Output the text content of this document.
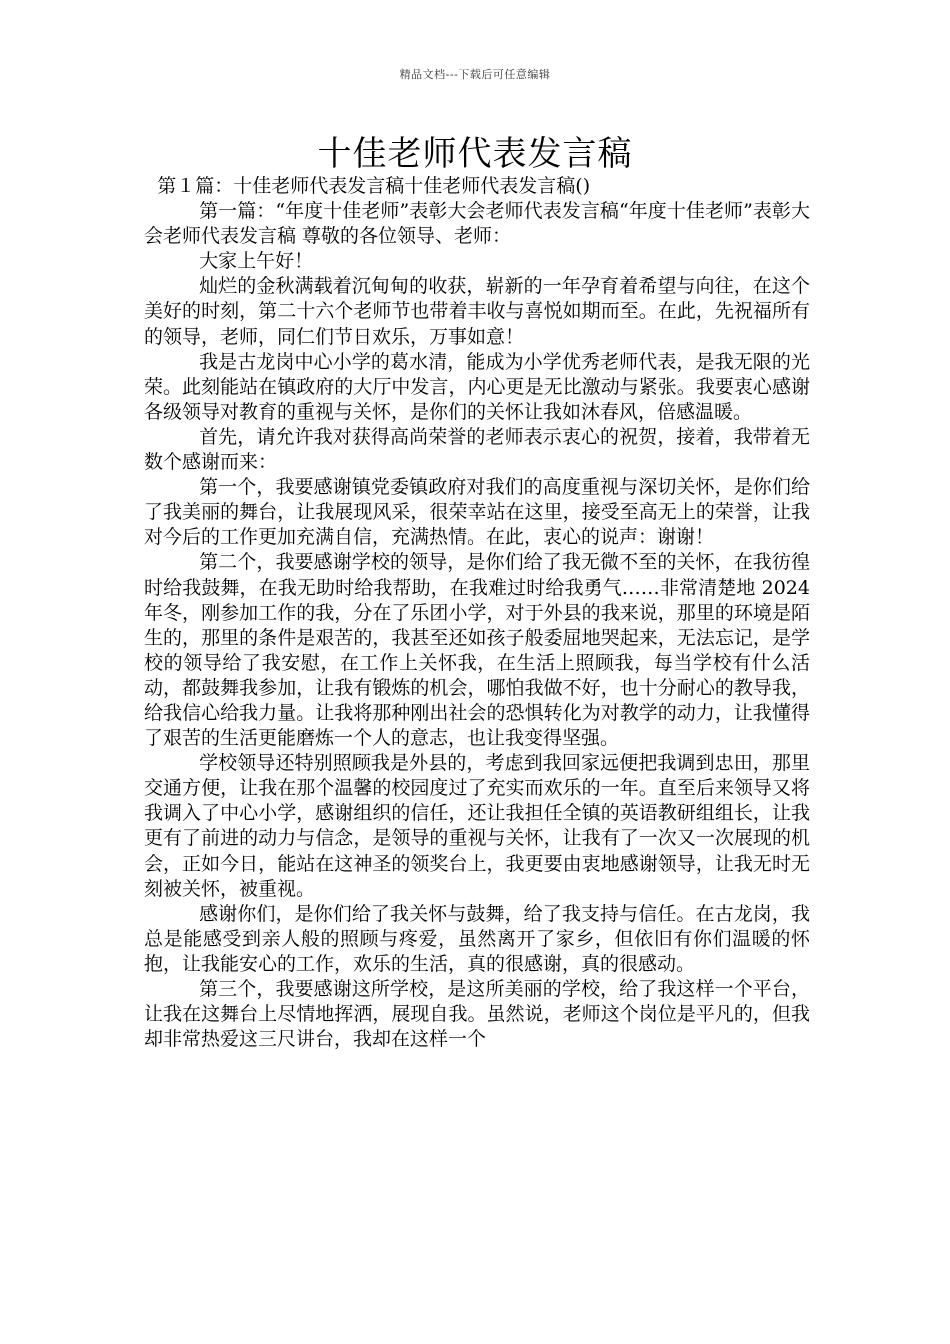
精品文档---下载后可任意编辑
十佳老师代表发言稿

第１篇：十佳老师代表发言稿十佳老师代表发言稿()

第一篇：“年度十佳老师”表彰大会老师代表发言稿“年度十佳老师”表彰大会老师代表发言稿 尊敬的各位领导、老师：

大家上午好！

灿烂的金秋满载着沉甸甸的收获，崭新的一年孕育着希望与向往，在这个美好的时刻，第二十六个老师节也带着丰收与喜悦如期而至。在此，先祝福所有的领导，老师，同仁们节日欢乐，万事如意！

我是古龙岗中心小学的葛水清，能成为小学优秀老师代表，是我无限的光荣。此刻能站在镇政府的大厅中发言，内心更是无比激动与紧张。我要衷心感谢各级领导对教育的重视与关怀，是你们的关怀让我如沐春风，倍感温暖。

首先，请允许我对获得高尚荣誉的老师表示衷心的祝贺，接着，我带着无数个感谢而来：

第一个，我要感谢镇党委镇政府对我们的高度重视与深切关怀，是你们给了我美丽的舞台，让我展现风采，很荣幸站在这里，接受至高无上的荣誉，让我对今后的工作更加充满自信，充满热情。在此，衷心的说声：谢谢！

第二个，我要感谢学校的领导，是你们给了我无微不至的关怀，在我彷徨时给我鼓舞，在我无助时给我帮助，在我难过时给我勇气……非常清楚地 2024 年冬，刚参加工作的我，分在了乐团小学，对于外县的我来说，那里的环境是陌生的，那里的条件是艰苦的，我甚至还如孩子般委屈地哭起来，无法忘记，是学校的领导给了我安慰，在工作上关怀我，在生活上照顾我，每当学校有什么活动，都鼓舞我参加，让我有锻炼的机会，哪怕我做不好，也十分耐心的教导我，给我信心给我力量。让我将那种刚出社会的恐惧转化为对教学的动力，让我懂得了艰苦的生活更能磨炼一个人的意志，也让我变得坚强。

学校领导还特别照顾我是外县的，考虑到我回家远便把我调到忠田，那里交通方便，让我在那个温馨的校园度过了充实而欢乐的一年。直至后来领导又将我调入了中心小学，感谢组织的信任，还让我担任全镇的英语教研组组长，让我更有了前进的动力与信念，是领导的重视与关怀，让我有了一次又一次展现的机会，正如今日，能站在这神圣的领奖台上，我更要由衷地感谢领导，让我无时无刻被关怀，被重视。

感谢你们，是你们给了我关怀与鼓舞，给了我支持与信任。在古龙岗，我总是能感受到亲人般的照顾与疼爱，虽然离开了家乡，但依旧有你们温暖的怀抱，让我能安心的工作，欢乐的生活，真的很感谢，真的很感动。

第三个，我要感谢这所学校，是这所美丽的学校，给了我这样一个平台，让我在这舞台上尽情地挥洒，展现自我。虽然说，老师这个岗位是平凡的，但我却非常热爱这三尺讲台，我却在这样一个
